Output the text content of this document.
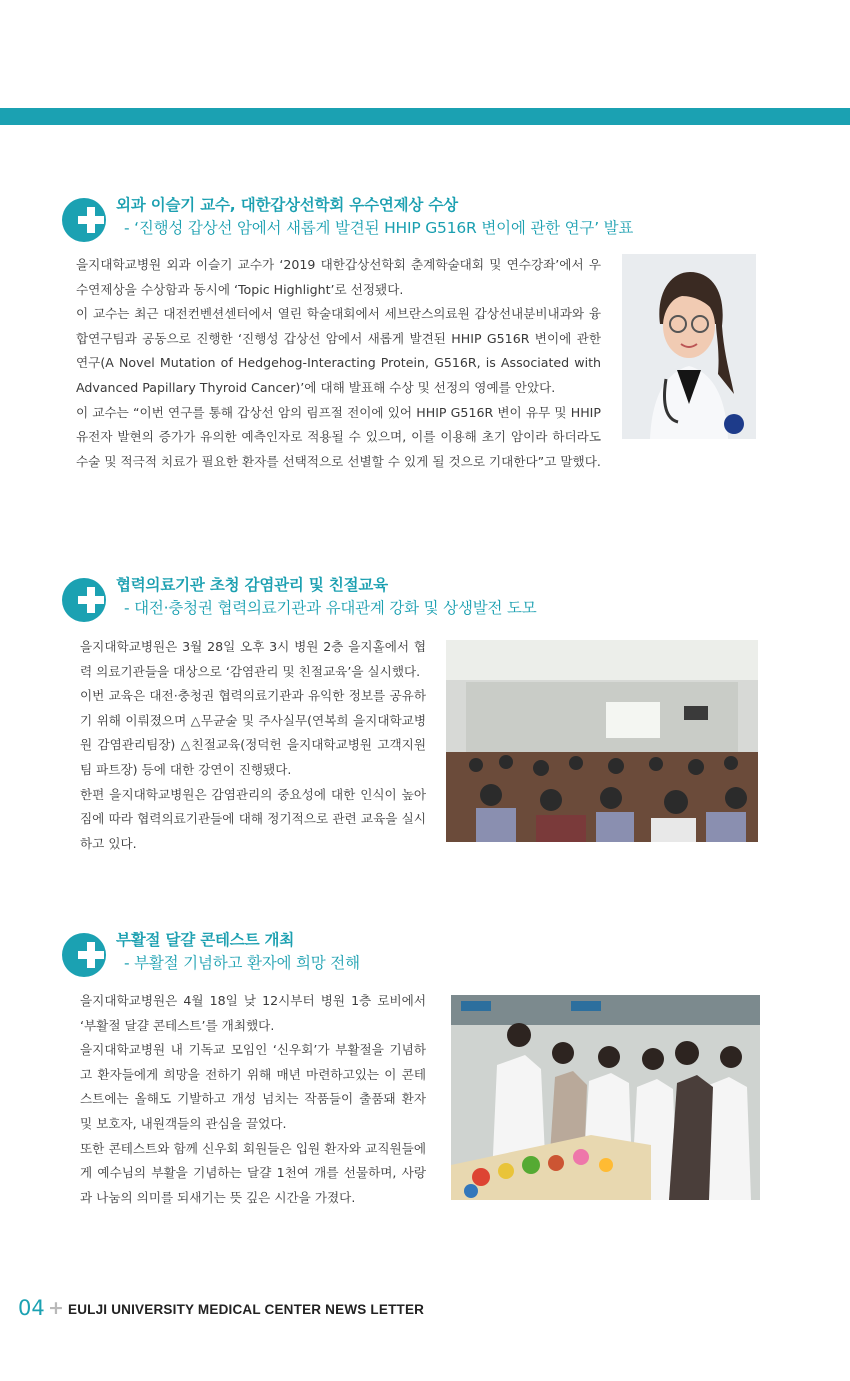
외과 이슬기 교수, 대한갑상선학회 우수연제상 수상
- ‘진행성 갑상선 암에서 새롭게 발견된 HHIP G516R 변이에 관한 연구’ 발표

을지대학교병원 외과 이슬기 교수가 ‘2019 대한갑상선학회 춘계학술대회 및 연수강좌’에서 우수연제상을 수상함과 동시에 ‘Topic Highlight’로 선정됐다.

이 교수는 최근 대전컨벤션센터에서 열린 학술대회에서 세브란스의료원 갑상선내분비내과와 융합연구팀과 공동으로 진행한 ‘진행성 갑상선 암에서 새롭게 발견된 HHIP G516R 변이에 관한 연구(A Novel Mutation of Hedgehog-Interacting Protein, G516R, is Associated with Advanced Papillary Thyroid Cancer)’에 대해 발표해 수상 및 선정의 영예를 안았다.

이 교수는 “이번 연구를 통해 갑상선 암의 림프절 전이에 있어 HHIP G516R 변이 유무 및 HHIP 유전자 발현의 증가가 유의한 예측인자로 적용될 수 있으며, 이를 이용해 초기 암이라 하더라도 수술 및 적극적 치료가 필요한 환자를 선택적으로 선별할 수 있게 될 것으로 기대한다”고 말했다.

협력의료기관 초청 감염관리 및 친절교육
- 대전·충청권 협력의료기관과 유대관계 강화 및 상생발전 도모

을지대학교병원은 3월 28일 오후 3시 병원 2층 을지홀에서 협력 의료기관들을 대상으로 ‘감염관리 및 친절교육’을 실시했다.

이번 교육은 대전·충청권 협력의료기관과 유익한 정보를 공유하기 위해 이뤄졌으며 △무균술 및 주사실무(연복희 을지대학교병원 감염관리팀장) △친절교육(정덕헌 을지대학교병원 고객지원팀 파트장) 등에 대한 강연이 진행됐다.

한편 을지대학교병원은 감염관리의 중요성에 대한 인식이 높아짐에 따라 협력의료기관들에 대해 정기적으로 관련 교육을 실시하고 있다.

부활절 달걀 콘테스트 개최
- 부활절 기념하고 환자에 희망 전해

을지대학교병원은 4월 18일 낮 12시부터 병원 1층 로비에서 ‘부활절 달걀 콘테스트’를 개최했다.

을지대학교병원 내 기독교 모임인 ‘신우회’가 부활절을 기념하고 환자들에게 희망을 전하기 위해 매년 마련하고있는 이 콘테스트에는 올해도 기발하고 개성 넘치는 작품들이 출품돼 환자 및 보호자, 내원객들의 관심을 끌었다.

또한 콘테스트와 함께 신우회 회원들은 입원 환자와 교직원들에게 예수님의 부활을 기념하는 달걀 1천여 개를 선물하며, 사랑과 나눔의 의미를 되새기는 뜻 깊은 시간을 가졌다.

04 + EULJI UNIVERSITY MEDICAL CENTER NEWS LETTER
